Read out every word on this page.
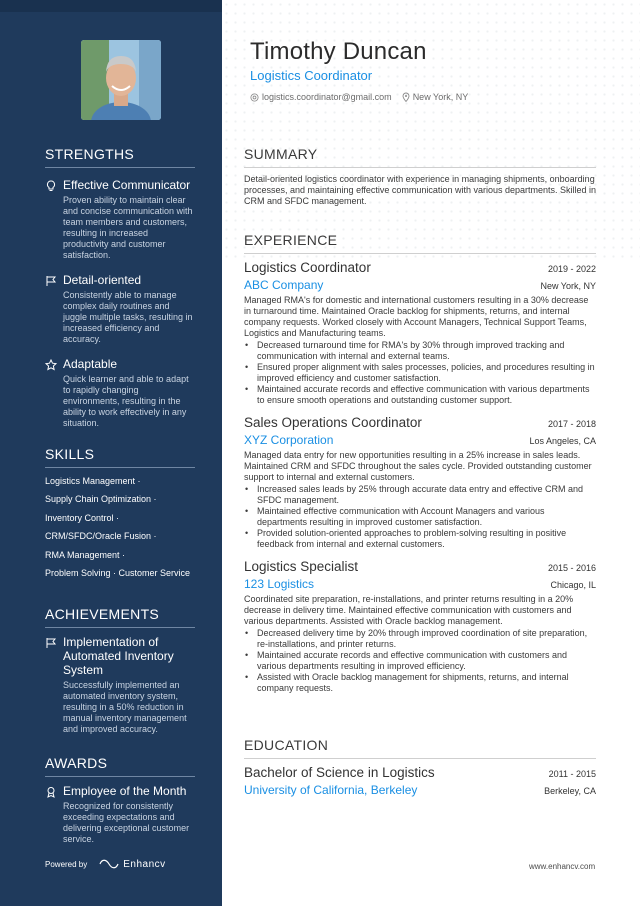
STRENGTHS
Effective Communicator
Proven ability to maintain clear and concise communication with team members and customers, resulting in increased productivity and customer satisfaction.
Detail-oriented
Consistently able to manage complex daily routines and juggle multiple tasks, resulting in increased efficiency and accuracy.
Adaptable
Quick learner and able to adapt to rapidly changing environments, resulting in the ability to work effectively in any situation.
SKILLS
Logistics Management ·
Supply Chain Optimization ·
Inventory Control ·
CRM/SFDC/Oracle Fusion ·
RMA Management ·
Problem Solving · Customer Service
ACHIEVEMENTS
Implementation of Automated Inventory System
Successfully implemented an automated inventory system, resulting in a 50% reduction in manual inventory management and improved accuracy.
AWARDS
Employee of the Month
Recognized for consistently exceeding expectations and delivering exceptional customer service.
Powered by	Enhancv
Timothy Duncan
Logistics Coordinator
logistics.coordinator@gmail.com New York, NY
SUMMARY
Detail-oriented logistics coordinator with experience in managing shipments, onboarding processes, and maintaining effective communication with various departments. Skilled in CRM and SFDC management.
EXPERIENCE
Logistics Coordinator	2019 - 2022
ABC Company	New York, NY
Managed RMA's for domestic and international customers resulting in a 30% decrease in turnaround time. Maintained Oracle backlog for shipments, returns, and internal company requests. Worked closely with Account Managers, Technical Support Teams, Logistics and Manufacturing teams.
• Decreased turnaround time for RMA's by 30% through improved tracking and communication with internal and external teams.
• Ensured proper alignment with sales processes, policies, and procedures resulting in improved efficiency and customer satisfaction.
• Maintained accurate records and effective communication with various departments to ensure smooth operations and outstanding customer support.
Sales Operations Coordinator	2017 - 2018
XYZ Corporation	Los Angeles, CA
Managed data entry for new opportunities resulting in a 25% increase in sales leads. Maintained CRM and SFDC throughout the sales cycle. Provided outstanding customer support to internal and external customers.
• Increased sales leads by 25% through accurate data entry and effective CRM and SFDC management.
• Maintained effective communication with Account Managers and various departments resulting in improved customer satisfaction.
• Provided solution-oriented approaches to problem-solving resulting in positive feedback from internal and external customers.
Logistics Specialist	2015 - 2016
123 Logistics	Chicago, IL
Coordinated site preparation, re-installations, and printer returns resulting in a 20% decrease in delivery time. Maintained effective communication with customers and various departments. Assisted with Oracle backlog management.
• Decreased delivery time by 20% through improved coordination of site preparation, re-installations, and printer returns.
• Maintained accurate records and effective communication with customers and various departments resulting in improved efficiency.
• Assisted with Oracle backlog management for shipments, returns, and internal company requests.
EDUCATION
Bachelor of Science in Logistics	2011 - 2015
University of California, Berkeley	Berkeley, CA
www.enhancv.com
